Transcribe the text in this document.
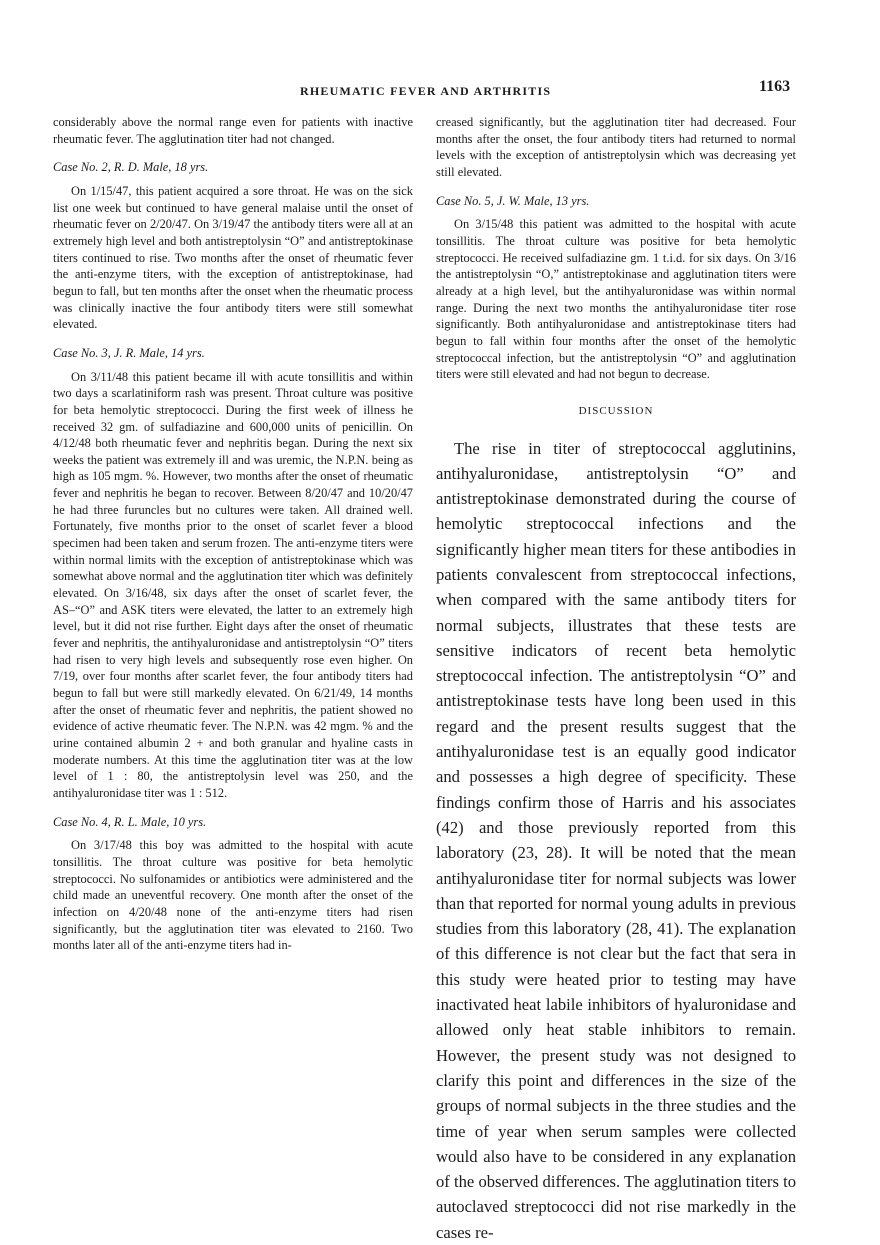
RHEUMATIC FEVER AND ARTHRITIS	1163

considerably above the normal range even for patients with inactive rheumatic fever. The agglutination titer had not changed.

Case No. 2, R. D. Male, 18 yrs.

On 1/15/47, this patient acquired a sore throat. He was on the sick list one week but continued to have general malaise until the onset of rheumatic fever on 2/20/47. On 3/19/47 the antibody titers were all at an extremely high level and both antistreptolysin “O” and antistreptokinase titers continued to rise. Two months after the onset of rheumatic fever the anti-enzyme titers, with the exception of antistreptokinase, had begun to fall, but ten months after the onset when the rheumatic process was clinically inactive the four antibody titers were still somewhat elevated.

Case No. 3, J. R. Male, 14 yrs.

On 3/11/48 this patient became ill with acute tonsillitis and within two days a scarlatiniform rash was present. Throat culture was positive for beta hemolytic streptococci. During the first week of illness he received 32 gm. of sulfadiazine and 600,000 units of penicillin. On 4/12/48 both rheumatic fever and nephritis began. During the next six weeks the patient was extremely ill and was uremic, the N.P.N. being as high as 105 mgm. %. However, two months after the onset of rheumatic fever and nephritis he began to recover. Between 8/20/47 and 10/20/47 he had three furuncles but no cultures were taken. All drained well. Fortunately, five months prior to the onset of scarlet fever a blood specimen had been taken and serum frozen. The anti-enzyme titers were within normal limits with the exception of antistreptokinase which was somewhat above normal and the agglutination titer which was definitely elevated. On 3/16/48, six days after the onset of scarlet fever, the AS–“O” and ASK titers were elevated, the latter to an extremely high level, but it did not rise further. Eight days after the onset of rheumatic fever and nephritis, the antihyaluronidase and antistreptolysin “O” titers had risen to very high levels and subsequently rose even higher. On 7/19, over four months after scarlet fever, the four antibody titers had begun to fall but were still markedly elevated. On 6/21/49, 14 months after the onset of rheumatic fever and nephritis, the patient showed no evidence of active rheumatic fever. The N.P.N. was 42 mgm. % and the urine contained albumin 2 + and both granular and hyaline casts in moderate numbers. At this time the agglutination titer was at the low level of 1 : 80, the antistreptolysin level was 250, and the antihyaluronidase titer was 1 : 512.

Case No. 4, R. L. Male, 10 yrs.

On 3/17/48 this boy was admitted to the hospital with acute tonsillitis. The throat culture was positive for beta hemolytic streptococci. No sulfonamides or antibiotics were administered and the child made an uneventful recovery. One month after the onset of the infection on 4/20/48 none of the anti-enzyme titers had risen significantly, but the agglutination titer was elevated to 2160. Two months later all of the anti-enzyme titers had in-

creased significantly, but the agglutination titer had decreased. Four months after the onset, the four antibody titers had returned to normal levels with the exception of antistreptolysin which was decreasing yet still elevated.

Case No. 5, J. W. Male, 13 yrs.

On 3/15/48 this patient was admitted to the hospital with acute tonsillitis. The throat culture was positive for beta hemolytic streptococci. He received sulfadiazine gm. 1 t.i.d. for six days. On 3/16 the antistreptolysin “O,” antistreptokinase and agglutination titers were already at a high level, but the antihyaluronidase was within normal range. During the next two months the antihyaluronidase titer rose significantly. Both antihyaluronidase and antistreptokinase titers had begun to fall within four months after the onset of the hemolytic streptococcal infection, but the antistreptolysin “O” and agglutination titers were still elevated and had not begun to decrease.

DISCUSSION

The rise in titer of streptococcal agglutinins, antihyaluronidase, antistreptolysin “O” and antistreptokinase demonstrated during the course of hemolytic streptococcal infections and the significantly higher mean titers for these antibodies in patients convalescent from streptococcal infections, when compared with the same antibody titers for normal subjects, illustrates that these tests are sensitive indicators of recent beta hemolytic streptococcal infection. The antistreptolysin “O” and antistreptokinase tests have long been used in this regard and the present results suggest that the antihyaluronidase test is an equally good indicator and possesses a high degree of specificity. These findings confirm those of Harris and his associates (42) and those previously reported from this laboratory (23, 28). It will be noted that the mean antihyaluronidase titer for normal subjects was lower than that reported for normal young adults in previous studies from this laboratory (28, 41). The explanation of this difference is not clear but the fact that sera in this study were heated prior to testing may have inactivated heat labile inhibitors of hyaluronidase and allowed only heat stable inhibitors to remain. However, the present study was not designed to clarify this point and differences in the size of the groups of normal subjects in the three studies and the time of year when serum samples were collected would also have to be considered in any explanation of the observed differences. The agglutination titers to autoclaved streptococci did not rise markedly in the cases re-
